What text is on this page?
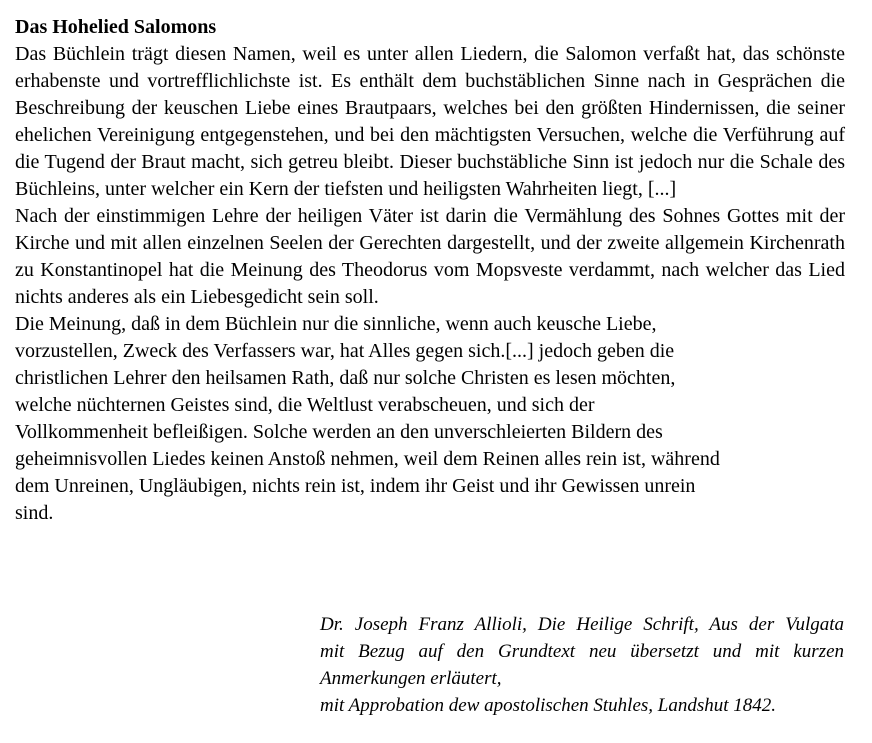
Das Hohelied Salomons

Das Büchlein trägt diesen Namen, weil es unter allen Liedern, die Salomon verfaßt hat, das schönste erhabenste und vortrefflichlichste ist. Es enthält dem buchstäblichen Sinne nach in Gesprächen die Beschreibung der keuschen Liebe eines Brautpaars, welches bei den größten Hindernissen, die seiner ehelichen Vereinigung entgegenstehen, und bei den mächtigsten Versuchen, welche die Verführung auf die Tugend der Braut macht, sich getreu bleibt. Dieser buchstäbliche Sinn ist jedoch nur die Schale des Büchleins, unter welcher ein Kern der tiefsten und heiligsten Wahrheiten liegt, [...]

Nach der einstimmigen Lehre der heiligen Väter ist darin die Vermählung des Sohnes Gottes mit der Kirche und mit allen einzelnen Seelen der Gerechten dargestellt, und der zweite allgemein Kirchenrath zu Konstantinopel hat die Meinung des Theodorus vom Mopsveste verdammt, nach welcher das Lied nichts anderes als ein Liebesgedicht sein soll.

Die Meinung, daß in dem Büchlein nur die sinnliche, wenn auch keusche Liebe,
vorzustellen, Zweck des Verfassers war, hat Alles gegen sich.[...] jedoch geben die
christlichen Lehrer den heilsamen Rath, daß nur solche Christen es lesen möchten,
welche nüchternen Geistes sind, die Weltlust verabscheuen, und sich der
Vollkommenheit befleißigen. Solche werden an den unverschleierten Bildern des
geheimnisvollen Liedes keinen Anstoß nehmen, weil dem Reinen alles rein ist, während
dem Unreinen, Ungläubigen, nichts rein ist, indem ihr Geist und ihr Gewissen unrein
sind.

Dr. Joseph Franz Allioli, Die Heilige Schrift, Aus der Vulgata
mit Bezug auf den Grundtext neu übersetzt und mit kurzen
Anmerkungen erläutert,
mit Approbation dew apostolischen Stuhles, Landshut 1842.
